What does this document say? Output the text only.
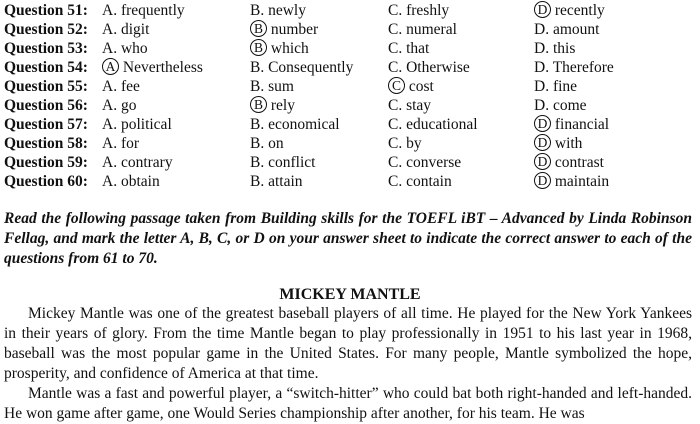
Question 51: A. frequently	B. newly	C. freshly	D recently
Question 52: A. digit	B number	C. numeral	D. amount
Question 53: A. who	B which	C. that	D. this
Question 54: A Nevertheless	B. Consequently C. Otherwise	D. Therefore
Question 55: A. fee	B. sum	C cost	D. fine
Question 56: A. go	B rely	C. stay	D. come
Question 57: A. political	B. economical	C. educational	D financial
Question 58: A. for	B. on	C. by	D with
Question 59: A. contrary	B. conflict	C. converse	D contrast
Question 60: A. obtain	B. attain	C. contain	D maintain
Read the following passage taken from Building skills for the TOEFL iBT – Advanced by Linda Robinson Fellag, and mark the letter A, B, C, or D on your answer sheet to indicate the correct answer to each of the questions from 61 to 70.
MICKEY MANTLE

Mickey Mantle was one of the greatest baseball players of all time. He played for the New York Yankees in their years of glory. From the time Mantle began to play professionally in 1951 to his last year in 1968, baseball was the most popular game in the United States. For many people, Mantle symbolized the hope, prosperity, and confidence of America at that time.

Mantle was a fast and powerful player, a “switch-hitter” who could bat both right-handed and left-handed. He won game after game, one Would Series championship after another, for his team. He was
